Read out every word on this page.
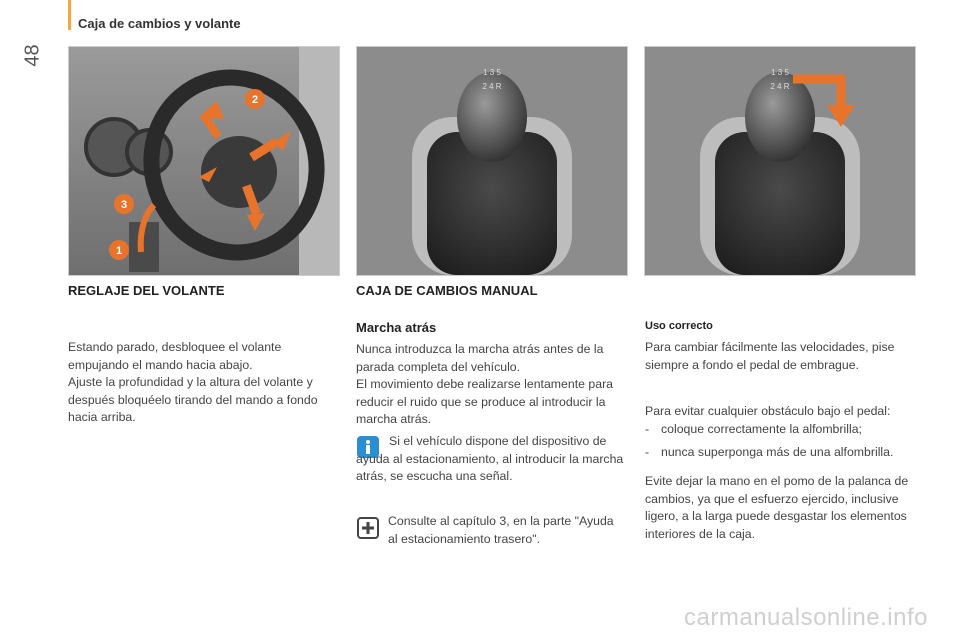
48
Caja de cambios y volante
2
3
1
1 3 5
2 4 R
1 3 5
2 4 R
REGLAJE DEL VOLANTE

Estando parado, desbloquee el volante empujando el mando hacia abajo.

Ajuste la profundidad y la altura del volante y después bloquéelo tirando del mando a fondo hacia arriba.

CAJA DE CAMBIOS MANUAL
Marcha atrás

Nunca introduzca la marcha atrás antes de la parada completa del vehículo.

El movimiento debe realizarse lentamente para reducir el ruido que se produce al introducir la marcha atrás.

Si el vehículo dispone del dispositivo de ayuda al estacionamiento, al introducir la marcha atrás, se escucha una señal.

Consulte al capítulo 3, en la parte "Ayuda al estacionamiento trasero".

Uso correcto
Para cambiar fácilmente las velocidades, pise siempre a fondo el pedal de embrague.
Para evitar cualquier obstáculo bajo el pedal:
- coloque correctamente la alfombrilla;
- nunca superponga más de una alfombrilla.
Evite dejar la mano en el pomo de la palanca de cambios, ya que el esfuerzo ejercido, inclusive ligero, a la larga puede desgastar los elementos interiores de la caja.
carmanualsonline.info
